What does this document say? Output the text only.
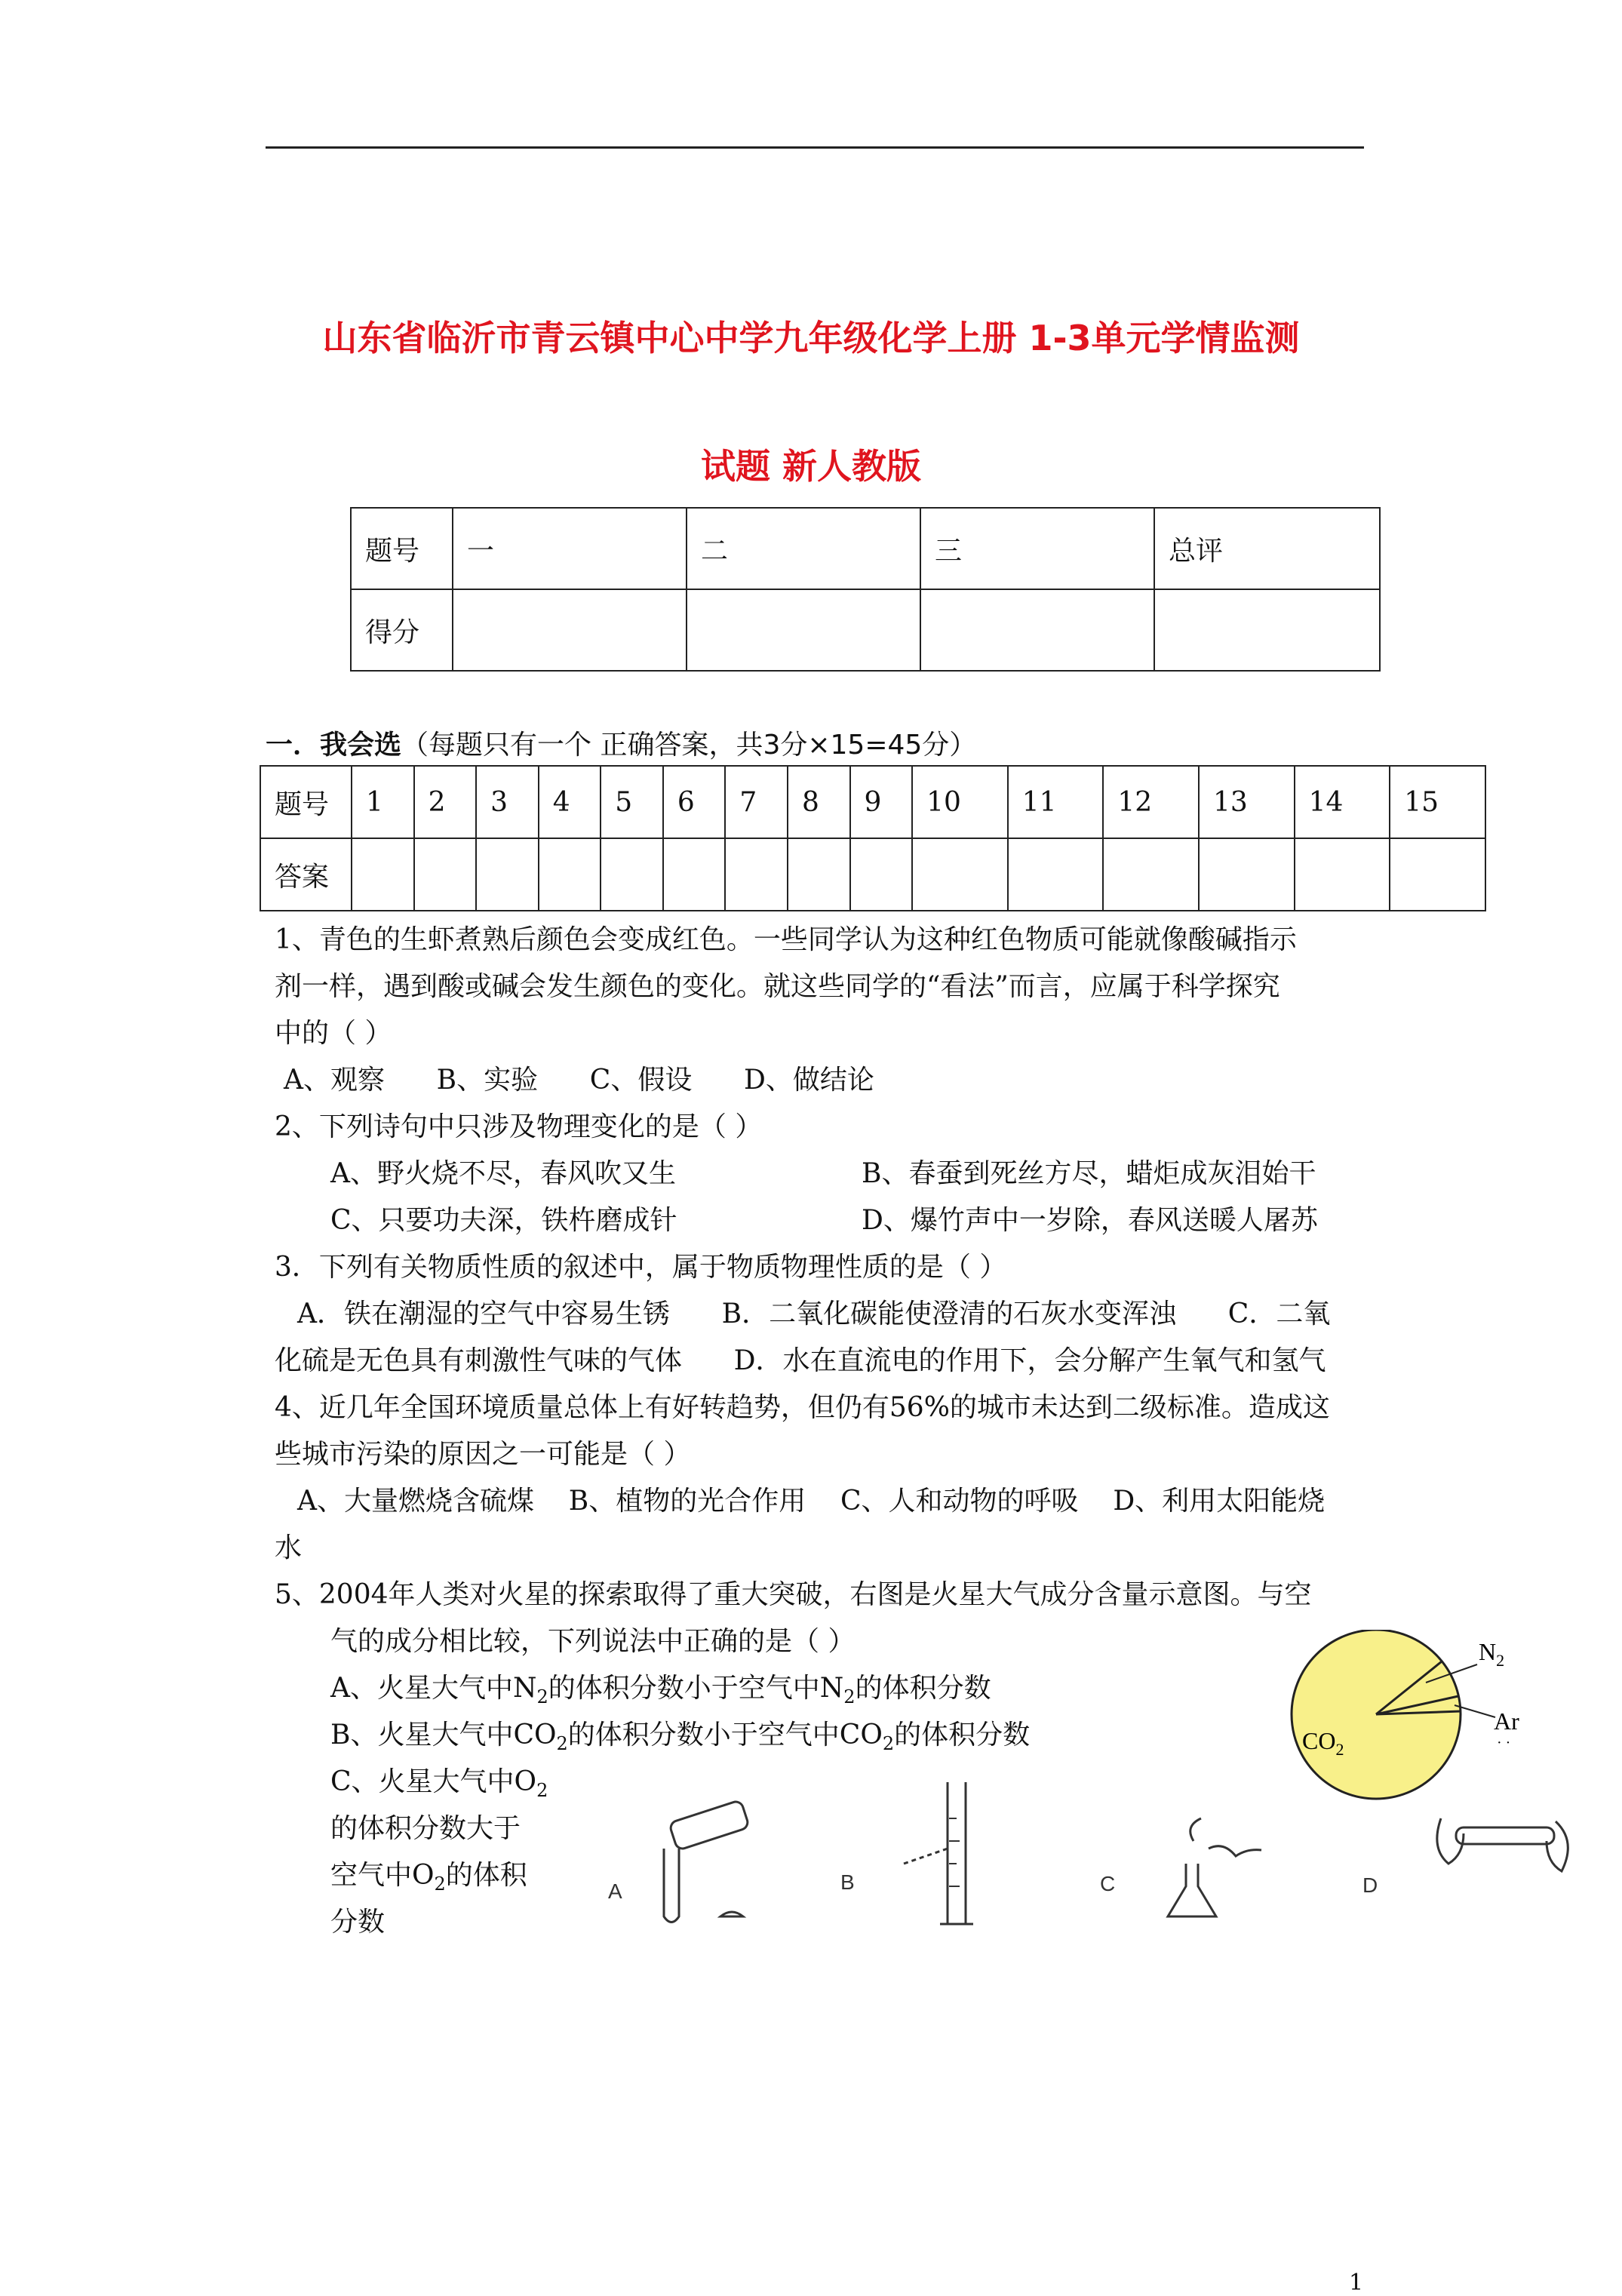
山东省临沂市青云镇中心中学九年级化学上册 1-3单元学情监测
试题 新人教版
题号	一	二	三	总评
得分				
一．我会选（每题只有一个 正确答案，共3分×15=45分）
题号	1	2	3	4	5	6	7	8	9	10	11	12	13	14	15
答案															
1、青色的生虾煮熟后颜色会变成红色。一些同学认为这种红色物质可能就像酸碱指示
剂一样，遇到酸或碱会发生颜色的变化。就这些同学的“看法”而言，应属于科学探究
中的（ ）
A、观察      B、实验      C、假设      D、做结论
2、下列诗句中只涉及物理变化的是（ ）
A、野火烧不尽，春风吹又生	B、春蚕到死丝方尽，蜡炬成灰泪始干
C、只要功夫深，铁杵磨成针	D、爆竹声中一岁除，春风送暖人屠苏
3．下列有关物质性质的叙述中，属于物质物理性质的是（ ）
A．铁在潮湿的空气中容易生锈      B．二氧化碳能使澄清的石灰水变浑浊      C．二氧
化硫是无色具有刺激性气味的气体      D．水在直流电的作用下，会分解产生氧气和氢气
4、近几年全国环境质量总体上有好转趋势，但仍有56%的城市未达到二级标准。造成这
些城市污染的原因之一可能是（ ）
A、大量燃烧含硫煤    B、植物的光合作用    C、人和动物的呼吸    D、利用太阳能烧
水
5、2004年人类对火星的探索取得了重大突破，右图是火星大气成分含量示意图。与空
气的成分相比较，下列说法中正确的是（ ）
A、火星大气中$N_2$的体积分数小于空气中$N_2$的体积分数
B、火星大气中$CO_2$的体积分数小于空气中$CO_2$的体积分数
C、火星大气中$O_2$
的体积分数大于
空气中$O_2$的体积
分数
$N_2$
Ar
· ·
$CO_2$
A	B	C	D
1
